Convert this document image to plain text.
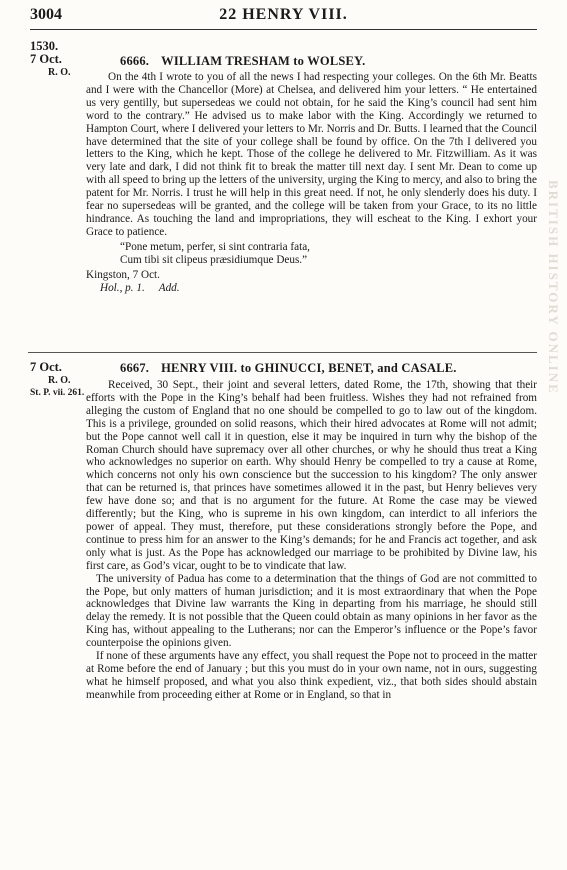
3004	22 HENRY VIII.
1530.
7 Oct.
R. O.
6666. WILLIAM TRESHAM to WOLSEY.

On the 4th I wrote to you of all the news I had respecting your colleges. On the 6th Mr. Beatts and I were with the Chancellor (More) at Chelsea, and delivered him your letters. “ He entertained us very gentilly, but supersedeas we could not obtain, for he said the King’s council had sent him word to the contrary.” He advised us to make labor with the King. Accordingly we returned to Hampton Court, where I delivered your letters to Mr. Norris and Dr. Butts. I learned that the Council have determined that the site of your college shall be found by office. On the 7th I delivered you letters to the King, which he kept. Those of the college he delivered to Mr. Fitzwilliam. As it was very late and dark, I did not think fit to break the matter till next day. I sent Mr. Dean to come up with all speed to bring up the letters of the university, urging the King to mercy, and also to bring the patent for Mr. Norris. I trust he will help in this great need. If not, he only slenderly does his duty. I fear no supersedeas will be granted, and the college will be taken from your Grace, to its no little hindrance. As touching the land and impropriations, they will escheat to the King. I exhort your Grace to patience.

“Pone metum, perfer, si sint contraria fata,
Cum tibi sit clipeus præsidiumque Deus.”
Kingston, 7 Oct.
Hol., p. 1. Add.
7 Oct.
R. O.
St. P. vii. 261.
6667. HENRY VIII. to GHINUCCI, BENET, and CASALE.

Received, 30 Sept., their joint and several letters, dated Rome, the 17th, showing that their efforts with the Pope in the King’s behalf had been fruitless. Wishes they had not refrained from alleging the custom of England that no one should be compelled to go to law out of the kingdom. This is a privilege, grounded on solid reasons, which their hired advocates at Rome will not admit; but the Pope cannot well call it in question, else it may be inquired in turn why the bishop of the Roman Church should have supremacy over all other churches, or why he should thus treat a King who acknowledges no superior on earth. Why should Henry be compelled to try a cause at Rome, which concerns not only his own conscience but the succession to his kingdom? The only answer that can be returned is, that princes have sometimes allowed it in the past, but Henry believes very few have done so; and that is no argument for the future. At Rome the case may be viewed differently; but the King, who is supreme in his own kingdom, can interdict to all inferiors the power of appeal. They must, therefore, put these considerations strongly before the Pope, and continue to press him for an answer to the King’s demands; for he and Francis act together, and ask only what is just. As the Pope has acknowledged our marriage to be prohibited by Divine law, his first care, as God’s vicar, ought to be to vindicate that law.

The university of Padua has come to a determination that the things of God are not committed to the Pope, but only matters of human jurisdiction; and it is most extraordinary that when the Pope acknowledges that Divine law warrants the King in departing from his marriage, he should still delay the remedy. It is not possible that the Queen could obtain as many opinions in her favor as the King has, without appealing to the Lutherans; nor can the Emperor’s influence or the Pope’s favor counterpoise the opinions given.

If none of these arguments have any effect, you shall request the Pope not to proceed in the matter at Rome before the end of January ; but this you must do in your own name, not in ours, suggesting what he himself proposed, and what you also think expedient, viz., that both sides should abstain meanwhile from proceeding either at Rome or in England, so that in

BRITISH HISTORY ONLINE
